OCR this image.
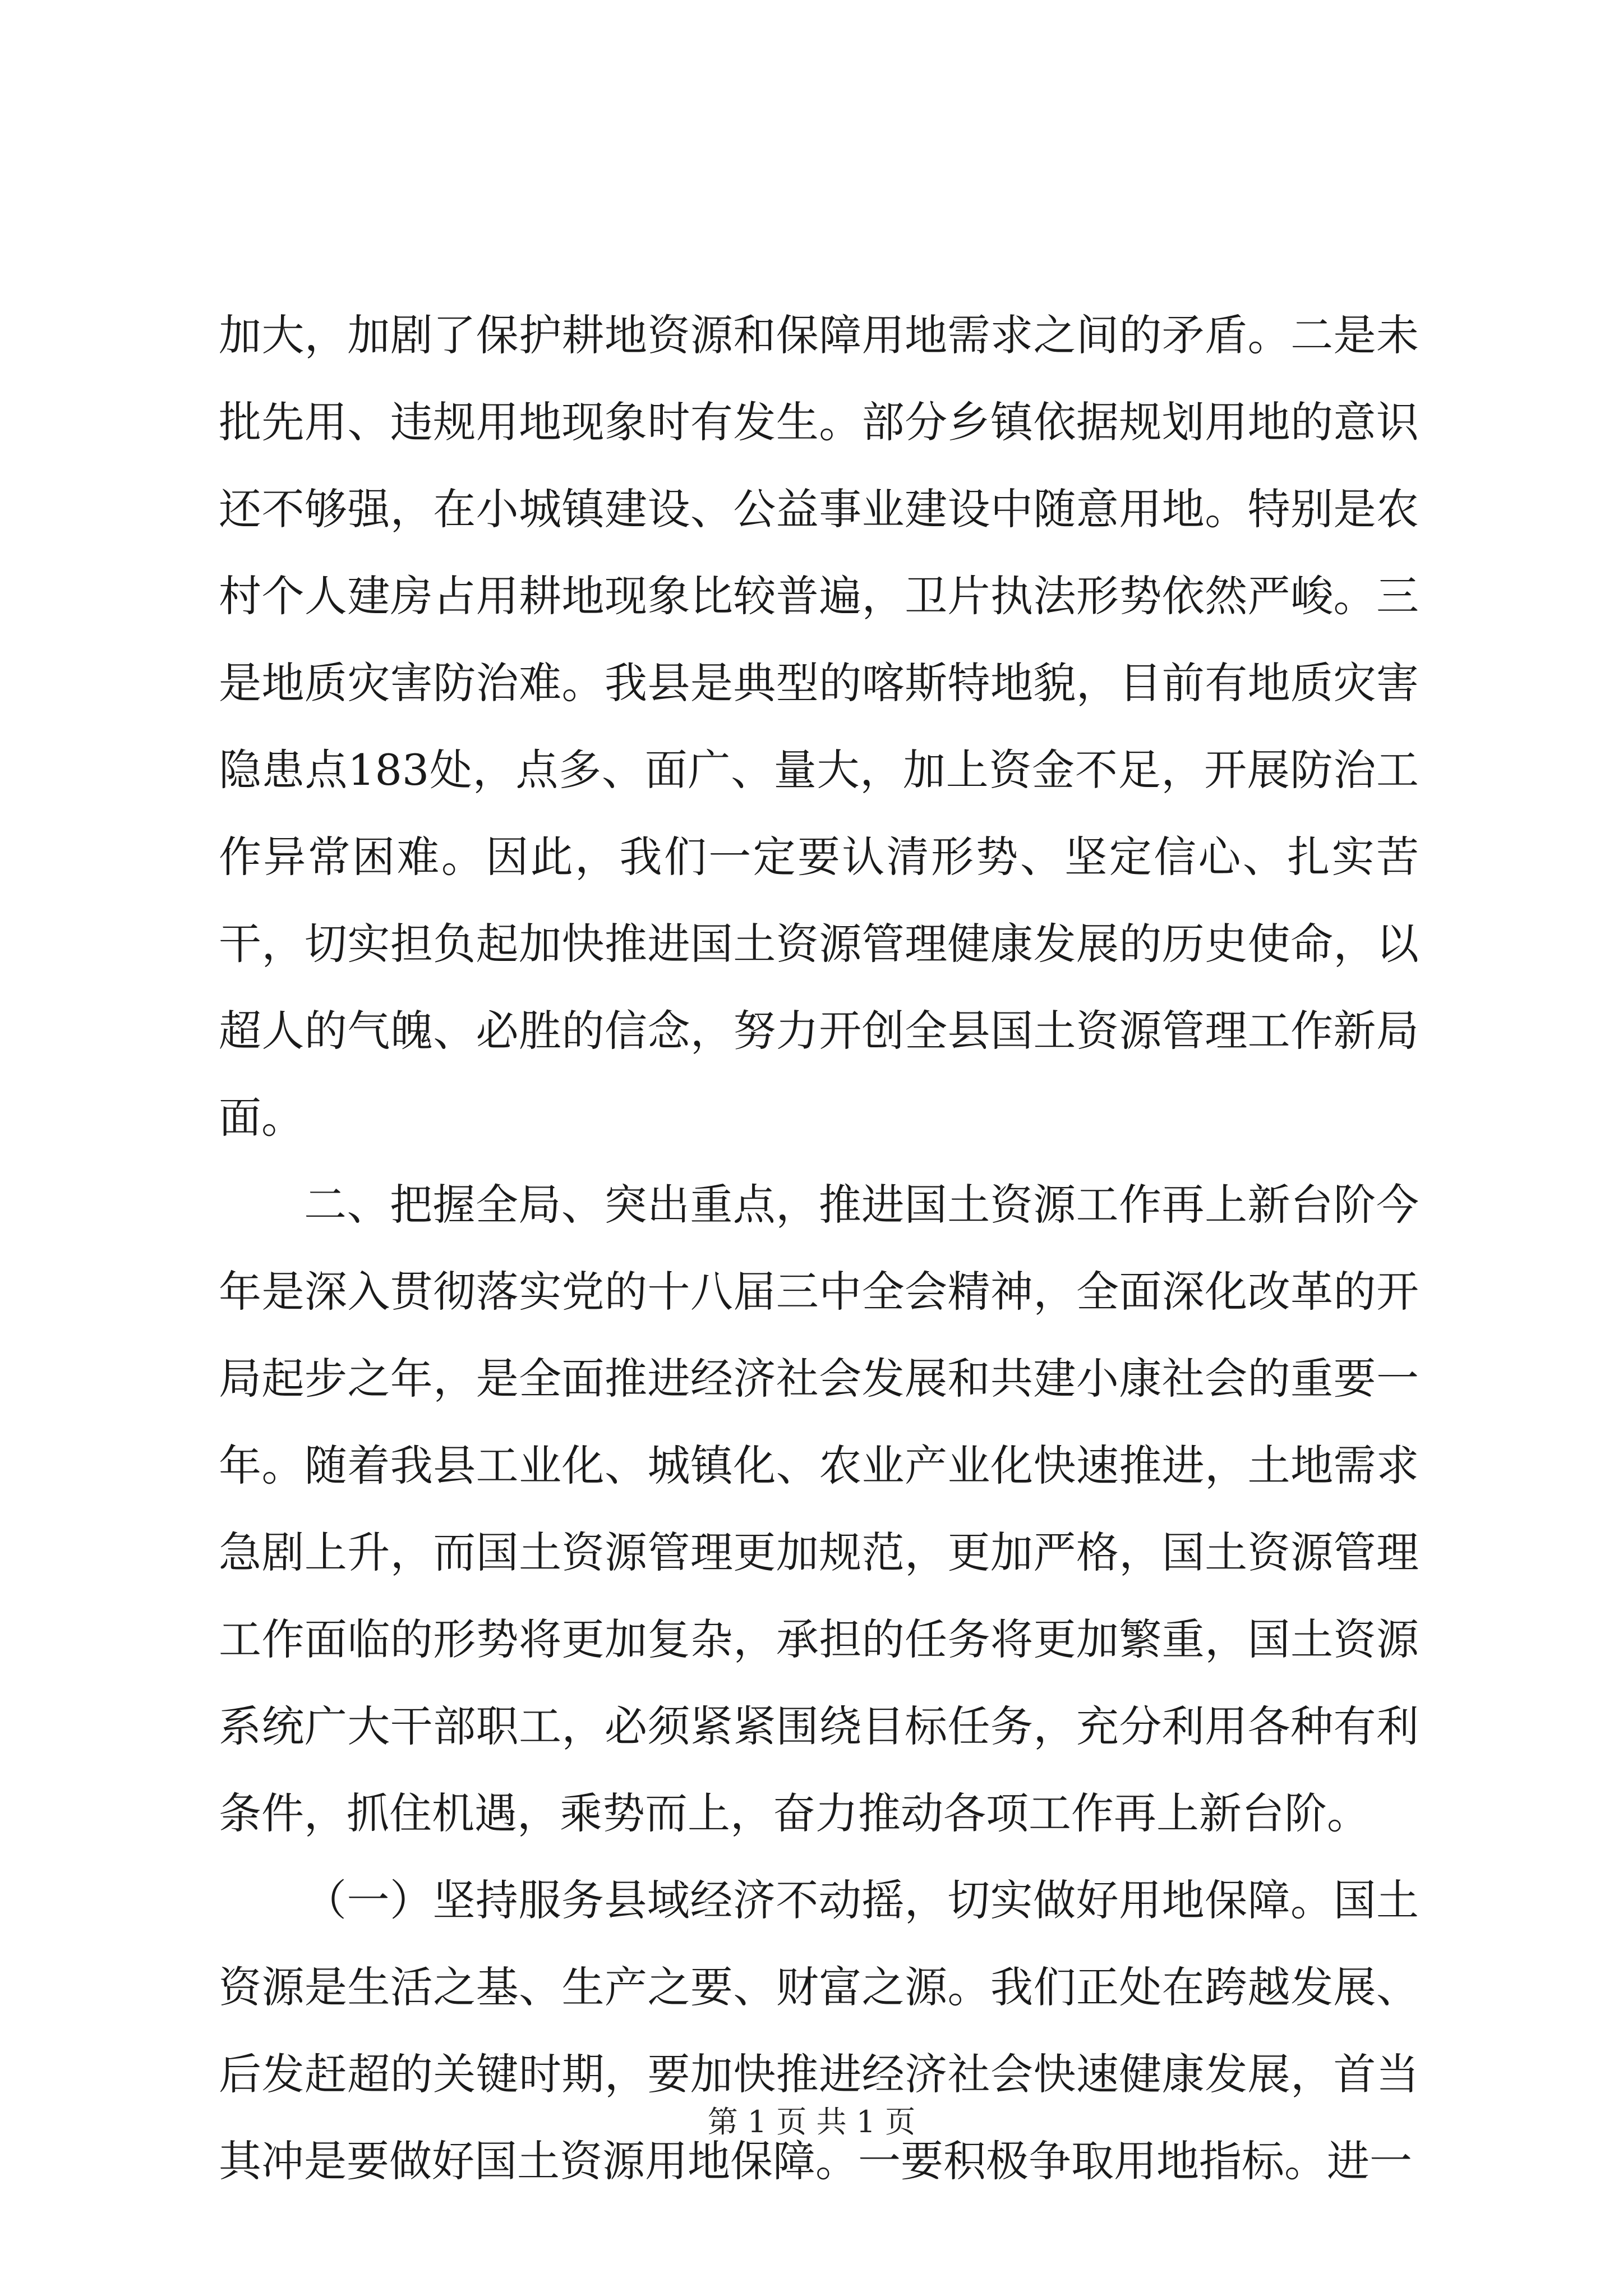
加大，加剧了保护耕地资源和保障用地需求之间的矛盾。二是未批先用、违规用地现象时有发生。部分乡镇依据规划用地的意识还不够强，在小城镇建设、公益事业建设中随意用地。特别是农村个人建房占用耕地现象比较普遍，卫片执法形势依然严峻。三是地质灾害防治难。我县是典型的喀斯特地貌，目前有地质灾害隐患点183处，点多、面广、量大，加上资金不足，开展防治工作异常困难。因此，我们一定要认清形势、坚定信心、扎实苦干，切实担负起加快推进国土资源管理健康发展的历史使命，以超人的气魄、必胜的信念，努力开创全县国土资源管理工作新局面。

二、把握全局、突出重点，推进国土资源工作再上新台阶今年是深入贯彻落实党的十八届三中全会精神，全面深化改革的开局起步之年，是全面推进经济社会发展和共建小康社会的重要一年。随着我县工业化、城镇化、农业产业化快速推进，土地需求急剧上升，而国土资源管理更加规范，更加严格，国土资源管理工作面临的形势将更加复杂，承担的任务将更加繁重，国土资源系统广大干部职工，必须紧紧围绕目标任务，充分利用各种有利条件，抓住机遇，乘势而上，奋力推动各项工作再上新台阶。

（一）坚持服务县域经济不动摇，切实做好用地保障。国土资源是生活之基、生产之要、财富之源。我们正处在跨越发展、后发赶超的关键时期，要加快推进经济社会快速健康发展，首当其冲是要做好国土资源用地保障。一要积极争取用地指标。进一

第 1 页 共 1 页
